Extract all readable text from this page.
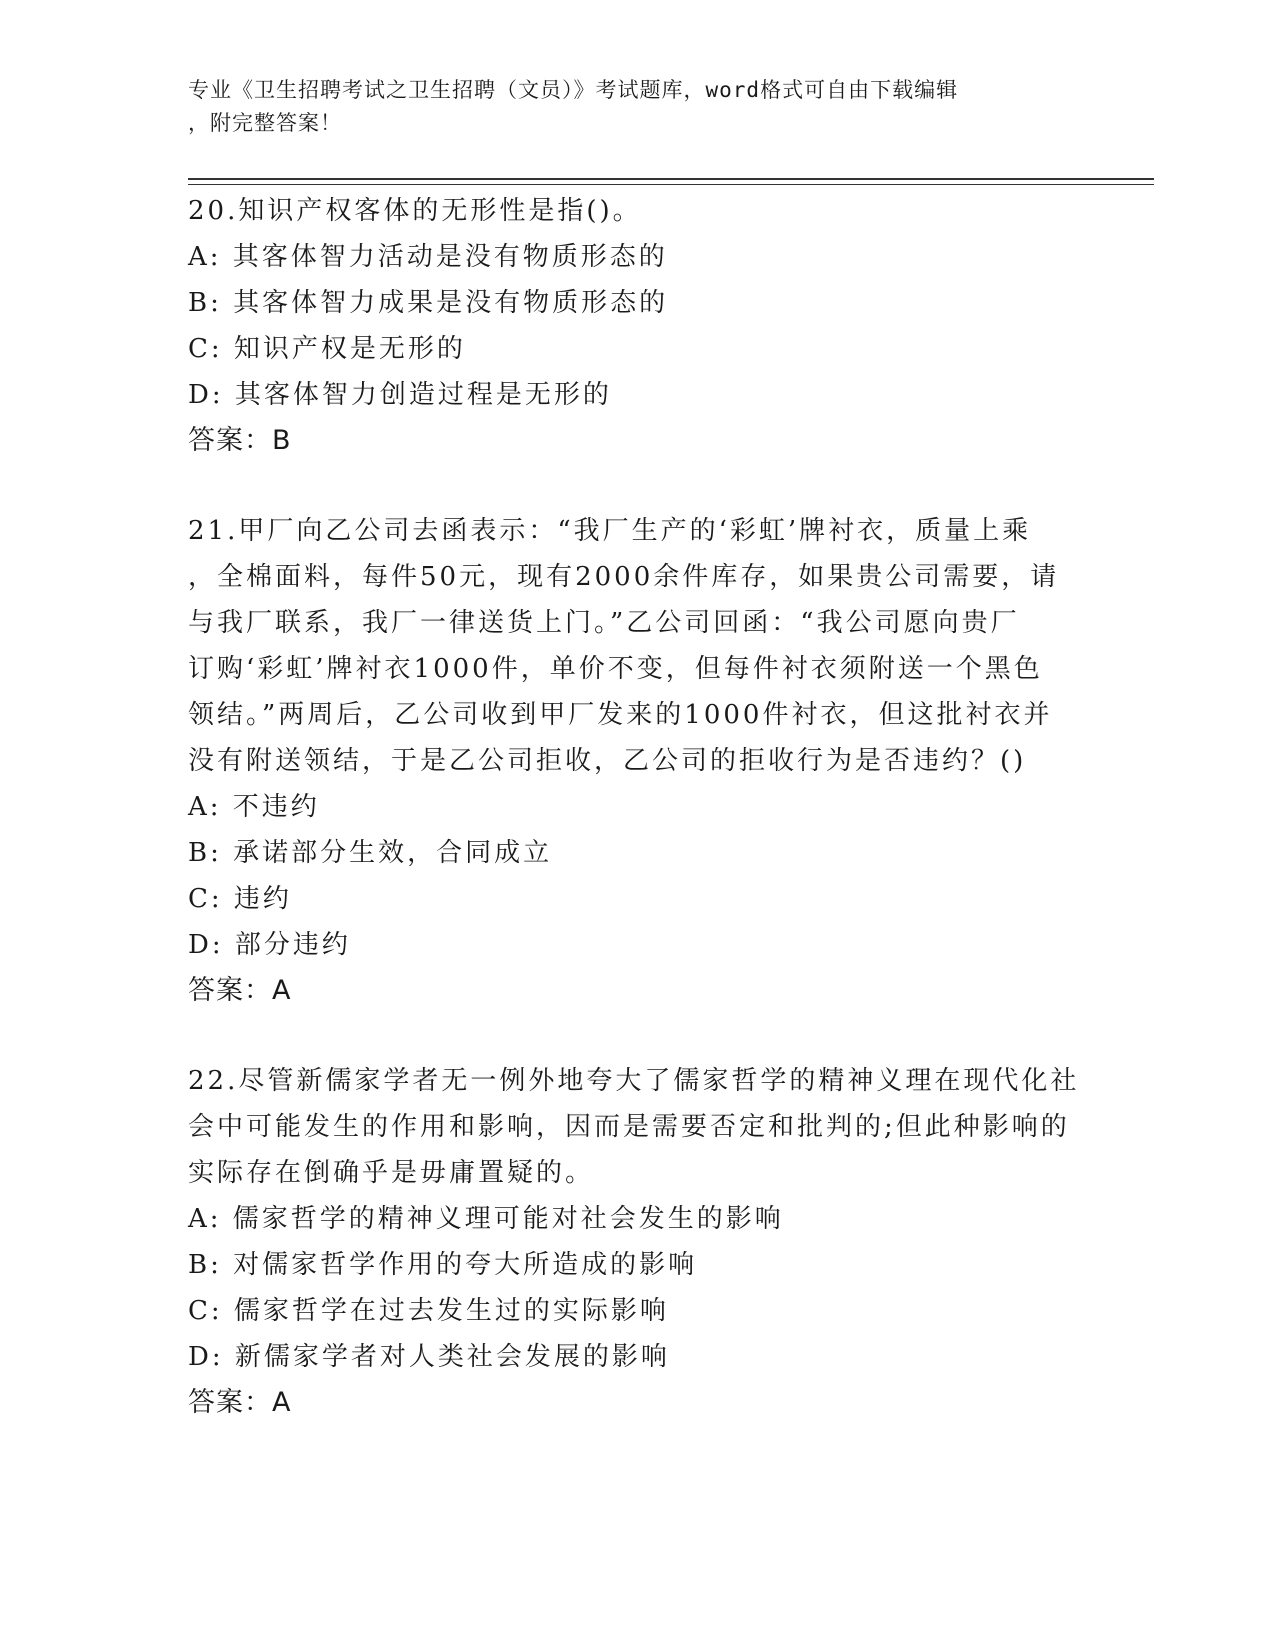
专业《卫生招聘考试之卫生招聘（文员）》考试题库，word格式可自由下载编辑
，附完整答案！
20.知识产权客体的无形性是指()。
A: 其客体智力活动是没有物质形态的
B: 其客体智力成果是没有物质形态的
C: 知识产权是无形的
D: 其客体智力创造过程是无形的
答案：B
21.甲厂向乙公司去函表示：“我厂生产的‘彩虹’牌衬衣，质量上乘
，全棉面料，每件50元，现有2000余件库存，如果贵公司需要，请
与我厂联系，我厂一律送货上门。”乙公司回函：“我公司愿向贵厂
订购‘彩虹’牌衬衣1000件，单价不变，但每件衬衣须附送一个黑色
领结。”两周后，乙公司收到甲厂发来的1000件衬衣，但这批衬衣并
没有附送领结，于是乙公司拒收，乙公司的拒收行为是否违约？()
A: 不违约
B: 承诺部分生效，合同成立
C: 违约
D: 部分违约
答案：A
22.尽管新儒家学者无一例外地夸大了儒家哲学的精神义理在现代化社
会中可能发生的作用和影响，因而是需要否定和批判的;但此种影响的
实际存在倒确乎是毋庸置疑的。
A: 儒家哲学的精神义理可能对社会发生的影响
B: 对儒家哲学作用的夸大所造成的影响
C: 儒家哲学在过去发生过的实际影响
D: 新儒家学者对人类社会发展的影响
答案：A
